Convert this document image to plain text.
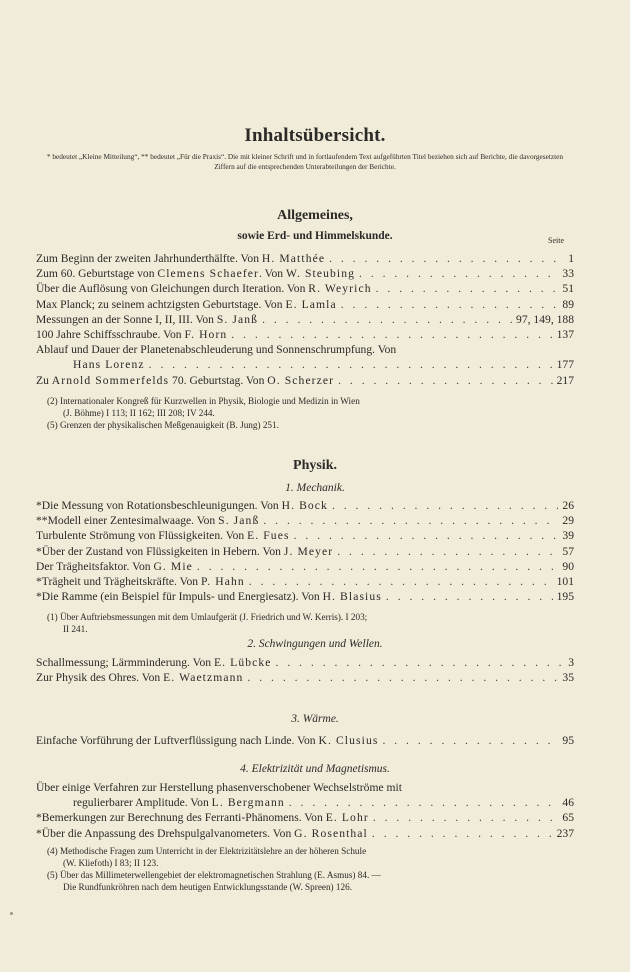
Inhaltsübersicht.
* bedeutet „Kleine Mitteilung“, ** bedeutet „Für die Praxis“. Die mit kleiner Schrift und in fortlaufendem Text aufgeführten Titel beziehen sich auf Berichte, die davorgesetzten Ziffern auf die entsprechenden Unterabteilungen der Berichte.
Allgemeines,
sowie Erd- und Himmelskunde.	Seite
Zum Beginn der zweiten Jahrhunderthälfte. Von H. Matthée . . .	1
Zum 60. Geburtstage von Clemens Schaefer. Von W. Steubing . . .	33
Über die Auflösung von Gleichungen durch Iteration. Von R. Weyrich . . .	51
Max Planck; zu seinem achtzigsten Geburtstage. Von E. Lamla . . .	89
Messungen an der Sonne I, II, III. Von S. Janß . . .	97, 149, 188
100 Jahre Schiffsschraube. Von F. Horn . . .	137
Ablauf und Dauer der Planetenabschleuderung und Sonnenschrumpfung. Von
Hans Lorenz . . .	177
Zu Arnold Sommerfelds 70. Geburtstag. Von O. Scherzer . . .	217
(2) Internationaler Kongreß für Kurzwellen in Physik, Biologie und Medizin in Wien
(J. Böhme) I 113; II 162; III 208; IV 244.
(5) Grenzen der physikalischen Meßgenauigkeit (B. Jung) 251.
Physik.
1. Mechanik.
*Die Messung von Rotationsbeschleunigungen. Von H. Bock . . .	26
**Modell einer Zentesimalwaage. Von S. Janß . . .	29
Turbulente Strömung von Flüssigkeiten. Von E. Fues . . .	39
*Über der Zustand von Flüssigkeiten in Hebern. Von J. Meyer . . .	57
Der Trägheitsfaktor. Von G. Mie . . .	90
*Trägheit und Trägheitskräfte. Von P. Hahn . . .	101
*Die Ramme (ein Beispiel für Impuls- und Energiesatz). Von H. Blasius . . .	195
(1) Über Auftriebsmessungen mit dem Umlaufgerät (J. Friedrich und W. Kerris). I 203;
II 241.
2. Schwingungen und Wellen.
Schallmessung; Lärmminderung. Von E. Lübcke . . .	3
Zur Physik des Ohres. Von E. Waetzmann . . .	35
3. Wärme.
Einfache Vorführung der Luftverflüssigung nach Linde. Von K. Clusius . . .	95
4. Elektrizität und Magnetismus.
Über einige Verfahren zur Herstellung phasenverschobener Wechselströme mit
regulierbarer Amplitude. Von L. Bergmann . . .	46
*Bemerkungen zur Berechnung des Ferranti-Phänomens. Von E. Lohr . . .	65
*Über die Anpassung des Drehspulgalvanometers. Von G. Rosenthal . . .	237
(4) Methodische Fragen zum Unterricht in der Elektrizitätslehre an der höheren Schule
(W. Kliefoth) I 83; II 123.
(5) Über das Millimeterwellengebiet der elektromagnetischen Strahlung (E. Asmus) 84. —
Die Rundfunkröhren nach dem heutigen Entwicklungsstande (W. Spreen) 126.
